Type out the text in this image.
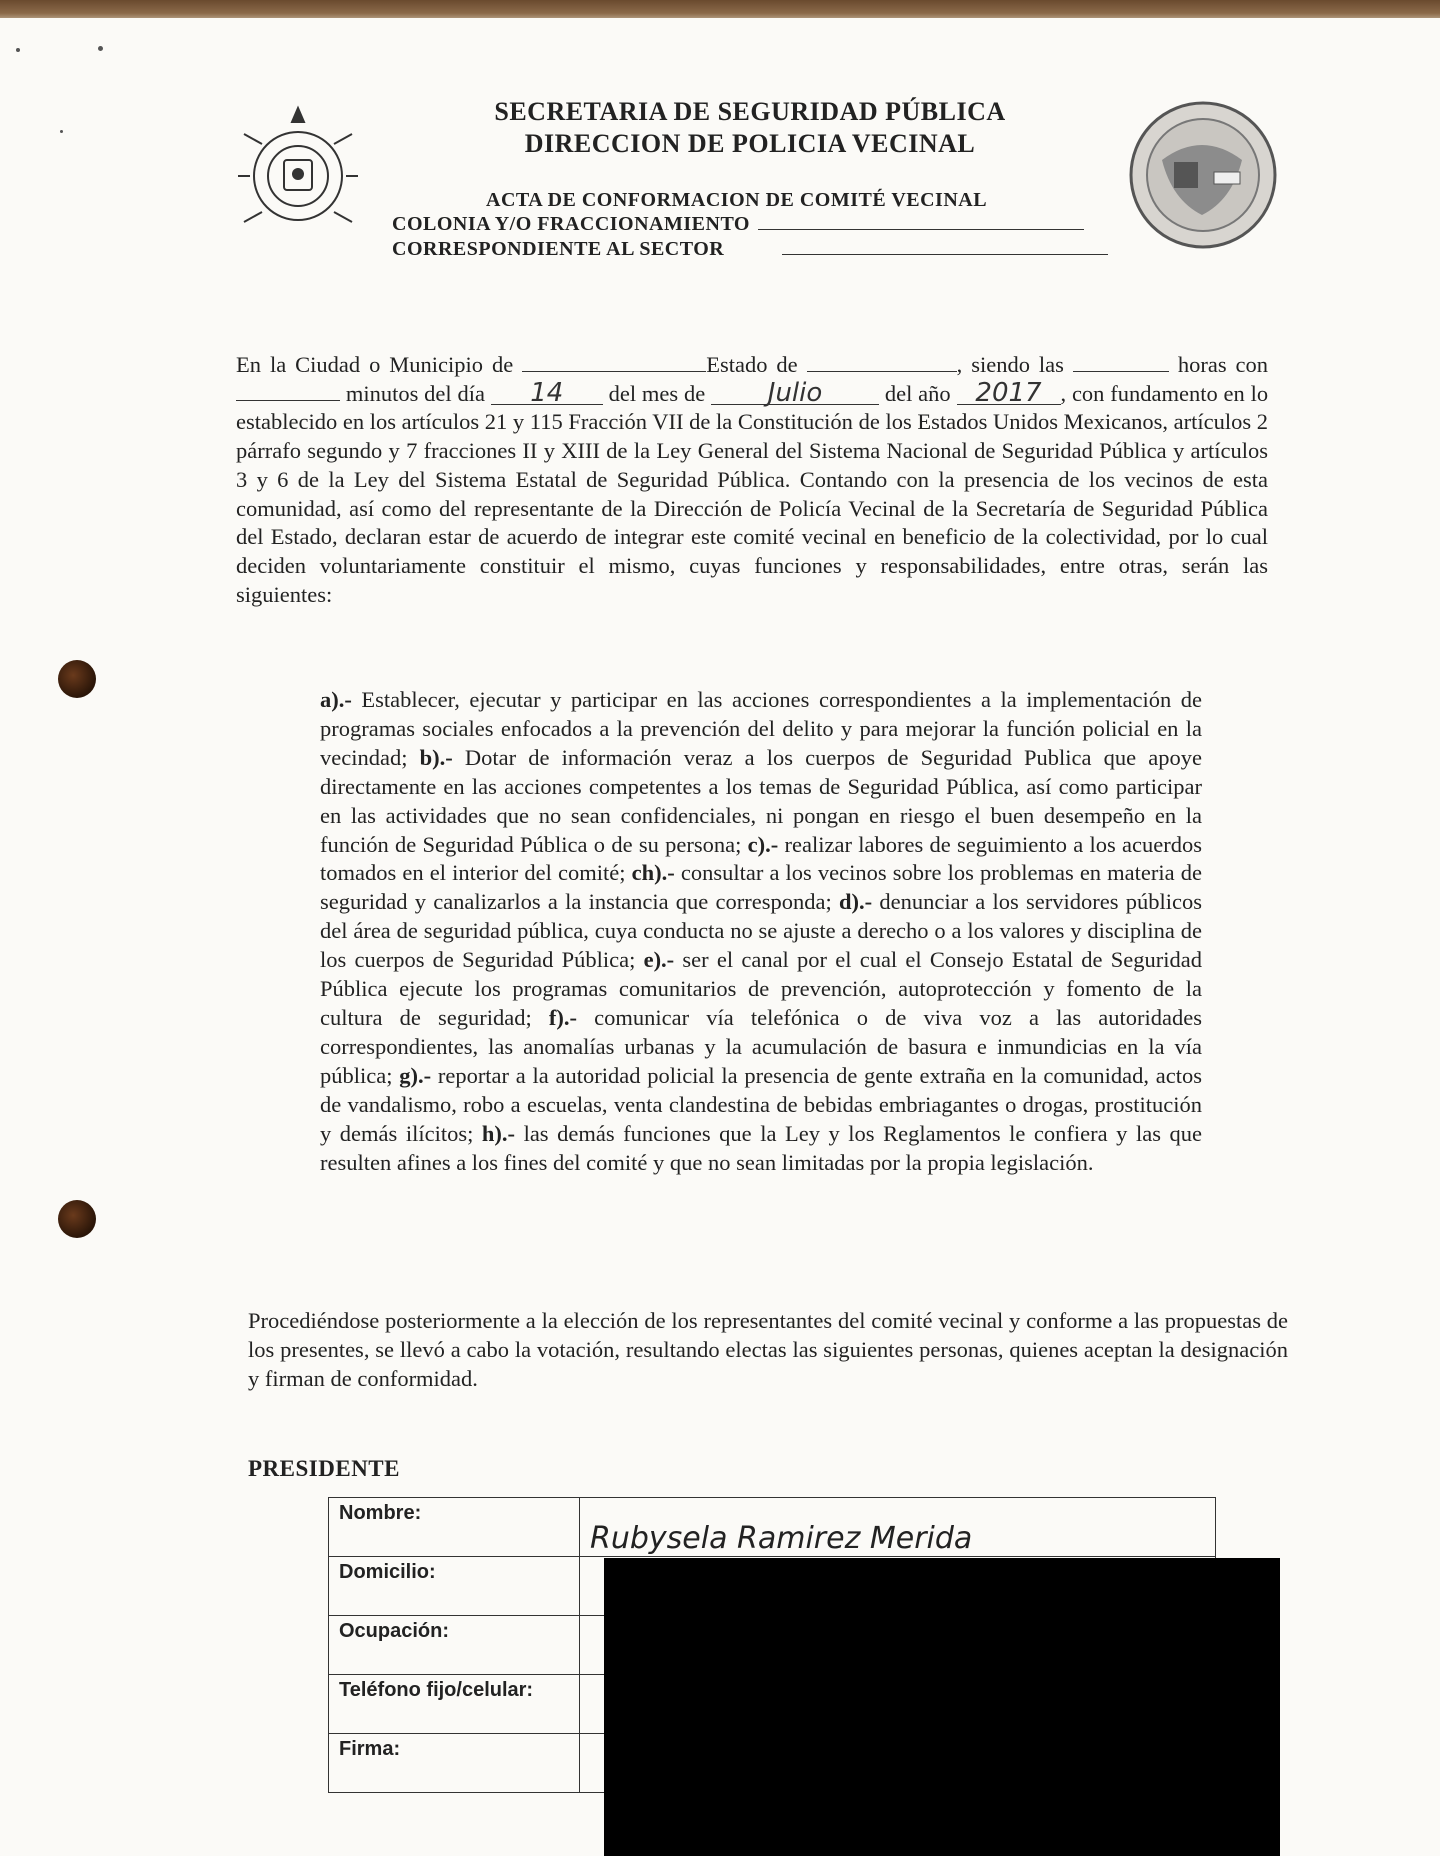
SECRETARIA DE SEGURIDAD PÚBLICA
DIRECCION DE POLICIA VECINAL
ACTA DE CONFORMACION DE COMITÉ VECINAL
COLONIA Y/O FRACCIONAMIENTO
CORRESPONDIENTE AL SECTOR
En la Ciudad o Municipio de	Estado de	, siendo las	horas con  minutos del día 14 del mes de Julio	del año 2017 , con fundamento en lo establecido en los artículos 21 y 115 Fracción VII de la Constitución de los Estados Unidos Mexicanos, artículos 2 párrafo segundo y 7 fracciones II y XIII de la Ley General del Sistema Nacional de Seguridad Pública y artículos 3 y 6 de la Ley del Sistema Estatal de Seguridad Pública. Contando con la presencia de los vecinos de esta comunidad, así como del representante de la Dirección de Policía Vecinal de la Secretaría de Seguridad Pública del Estado, declaran estar de acuerdo de integrar este comité vecinal en beneficio de la colectividad, por lo cual deciden voluntariamente constituir el mismo, cuyas funciones y responsabilidades, entre otras, serán las siguientes:
a).- Establecer, ejecutar y participar en las acciones correspondientes a la implementación de programas sociales enfocados a la prevención del delito y para mejorar la función policial en la vecindad; b).- Dotar de información veraz a los cuerpos de Seguridad Publica que apoye directamente en las acciones competentes a los temas de Seguridad Pública, así como participar en las actividades que no sean confidenciales, ni pongan en riesgo el buen desempeño en la función de Seguridad Pública o de su persona; c).- realizar labores de seguimiento a los acuerdos tomados en el interior del comité; ch).- consultar a los vecinos sobre los problemas en materia de seguridad y canalizarlos a la instancia que corresponda; d).- denunciar a los servidores públicos del área de seguridad pública, cuya conducta no se ajuste a derecho o a los valores y disciplina de los cuerpos de Seguridad Pública; e).- ser el canal por el cual el Consejo Estatal de Seguridad Pública ejecute los programas comunitarios de prevención, autoprotección y fomento de la cultura de seguridad; f).- comunicar vía telefónica o de viva voz a las autoridades correspondientes, las anomalías urbanas y la acumulación de basura e inmundicias en la vía pública; g).- reportar a la autoridad policial la presencia de gente extraña en la comunidad, actos de vandalismo, robo a escuelas, venta clandestina de bebidas embriagantes o drogas, prostitución y demás ilícitos; h).- las demás funciones que la Ley y los Reglamentos le confiera y las que resulten afines a los fines del comité y que no sean limitadas por la propia legislación.
Procediéndose posteriormente a la elección de los representantes del comité vecinal y conforme a las propuestas de los presentes, se llevó a cabo la votación, resultando electas las siguientes personas, quienes aceptan la designación y firman de conformidad.
PRESIDENTE
Nombre:	Rubysela Ramirez Merida
Domicilio:	
Ocupación:	
Teléfono fijo/celular:	
Firma:	
